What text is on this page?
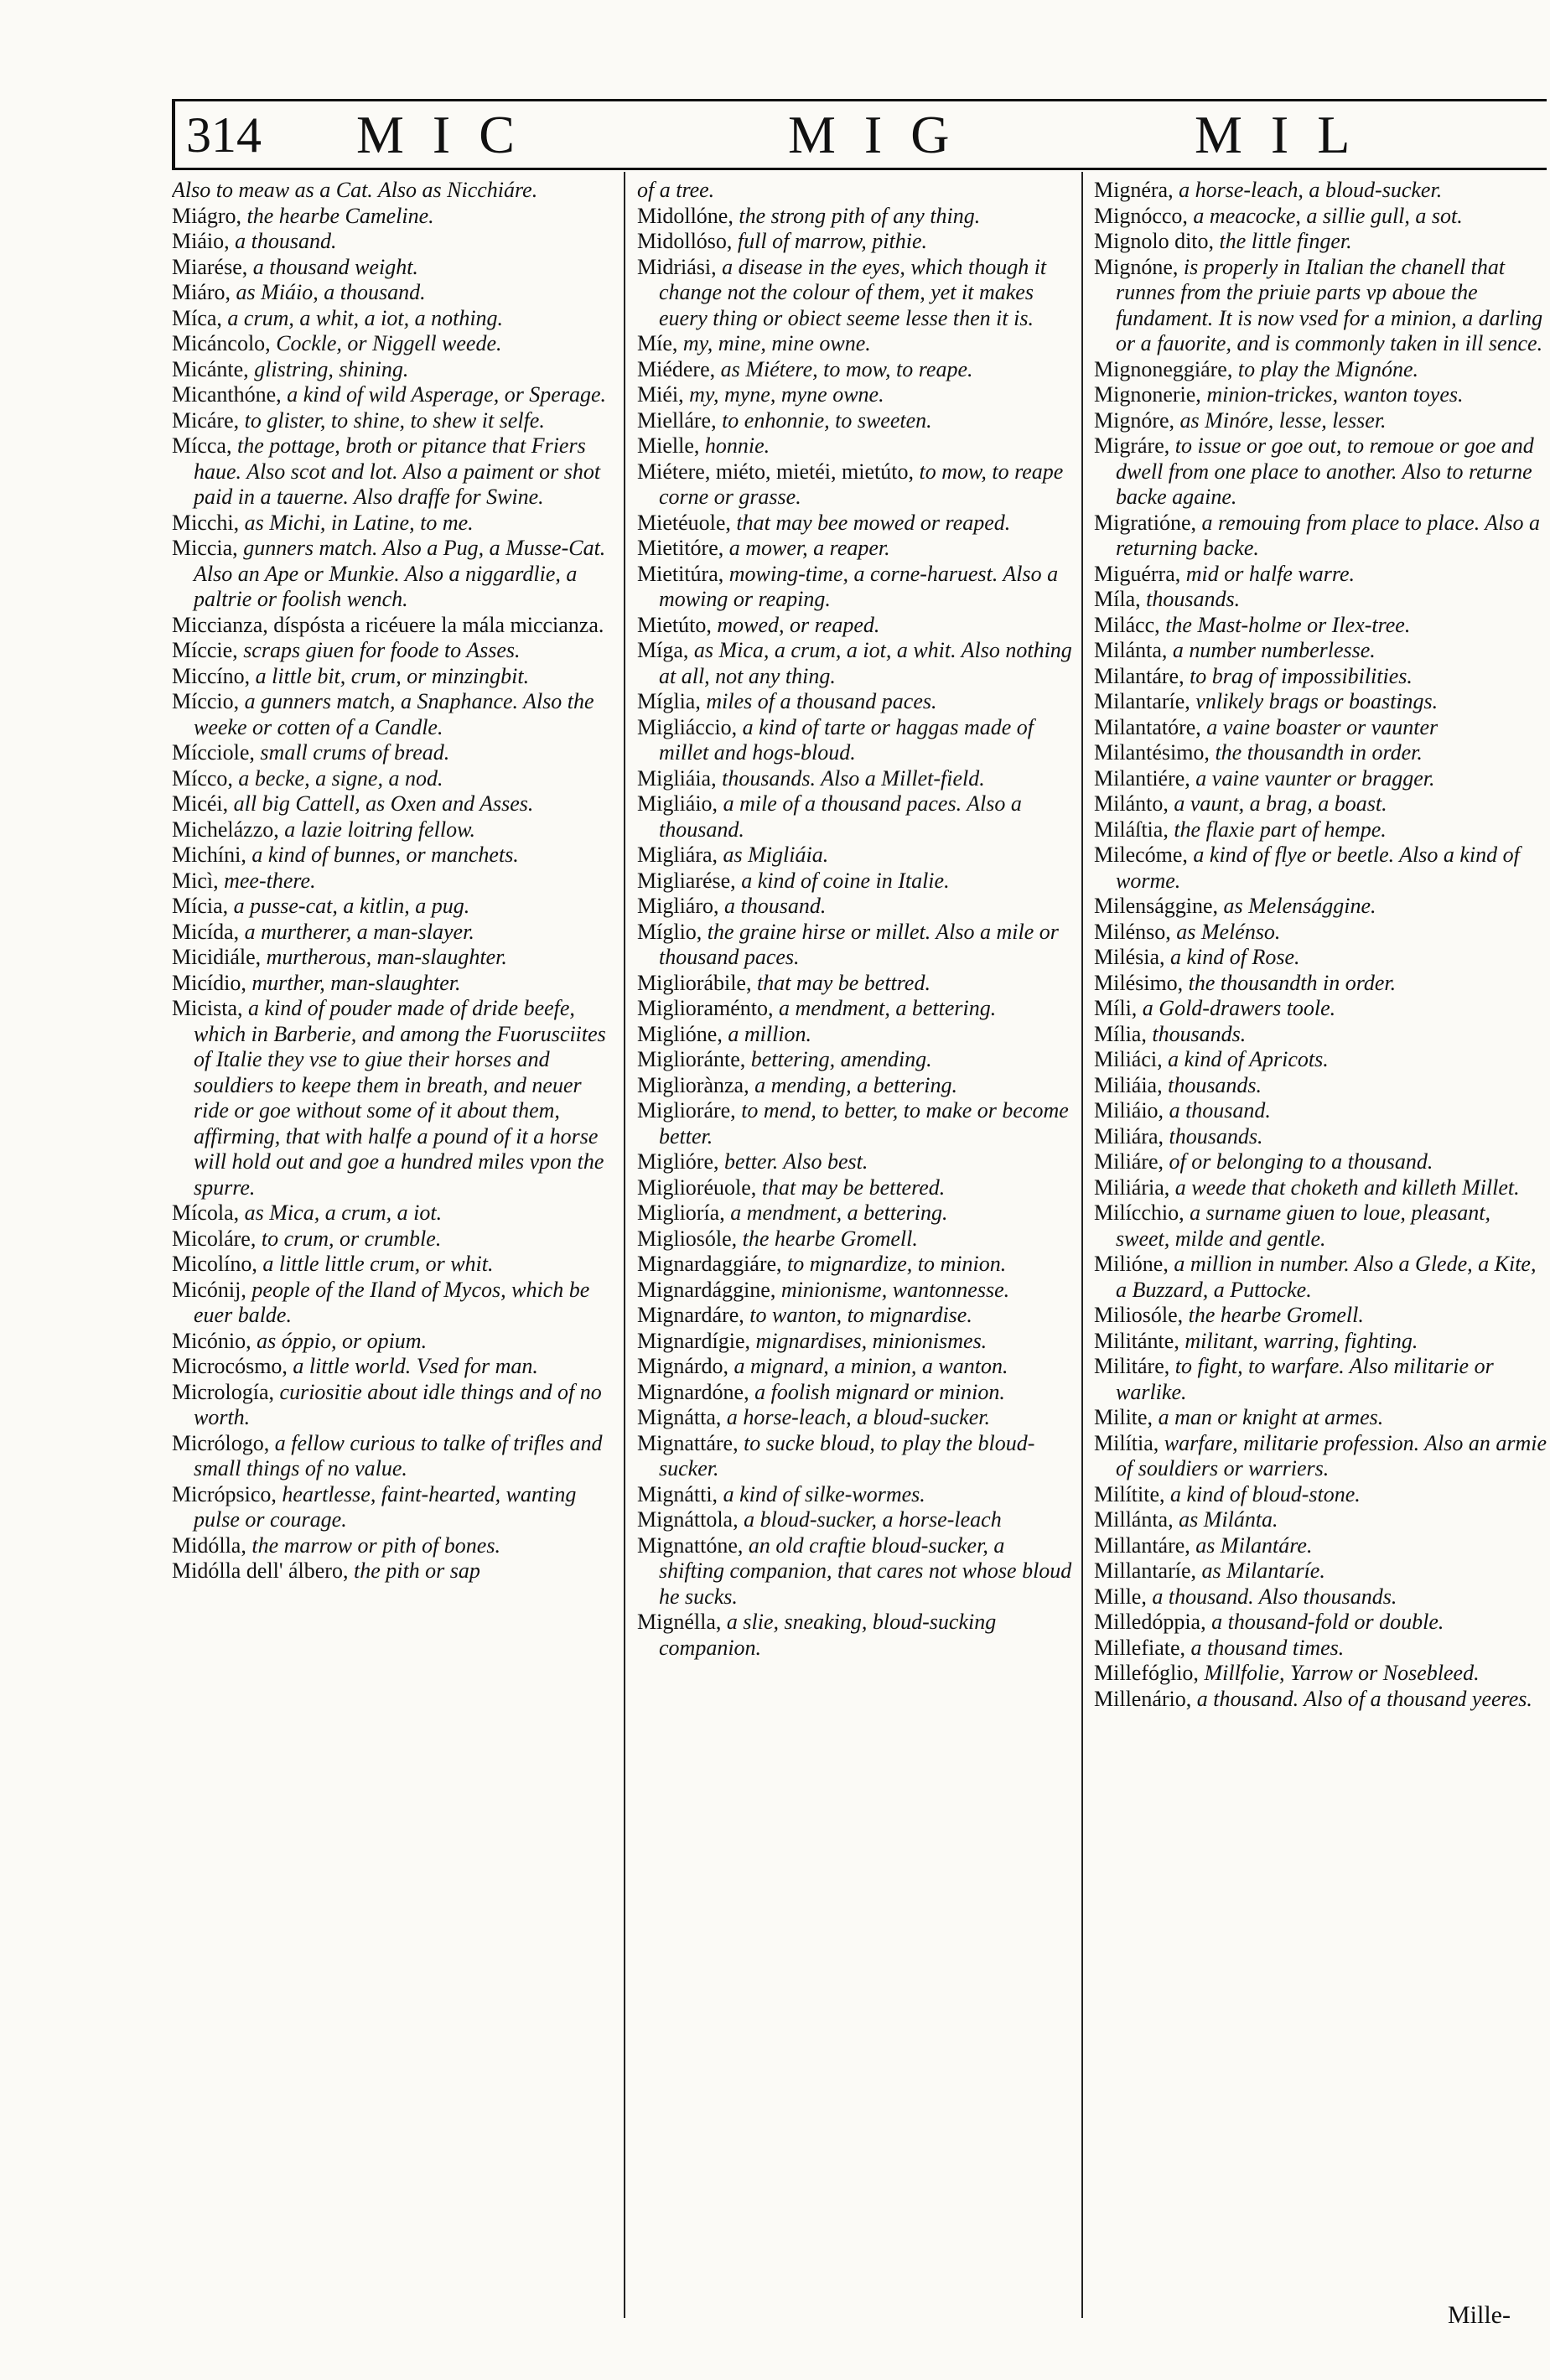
314 MIC	MIG	MIL

Also to meaw as a Cat. Also as Nicchiáre.

Miágro, the hearbe Cameline.

Miáio, a thousand.

Miarése, a thousand weight.

Miáro, as Miáio, a thousand.

Míca, a crum, a whit, a iot, a nothing.

Micáncolo, Cockle, or Niggell weede.

Micánte, glistring, shining.

Micanthóne, a kind of wild Asperage, or Sperage.

Micáre, to glister, to shine, to shew it selfe.

Mícca, the pottage, broth or pitance that Friers haue. Also scot and lot. Also a paiment or shot paid in a tauerne. Also draffe for Swine.

Micchi, as Michi, in Latine, to me.

Miccia, gunners match. Also a Pug, a Musse-Cat. Also an Ape or Munkie. Also a niggardlie, a paltrie or foolish wench.

Miccianza, díspósta a ricéuere la mála miccianza.

Míccie, scraps giuen for foode to Asses.

Miccíno, a little bit, crum, or minzingbit.

Míccio, a gunners match, a Snaphance. Also the weeke or cotten of a Candle.

Mícciole, small crums of bread.

Mícco, a becke, a signe, a nod.

Micéi, all big Cattell, as Oxen and Asses.

Michelázzo, a lazie loitring fellow.

Michíni, a kind of bunnes, or manchets.

Micì, mee-there.

Mícia, a pusse-cat, a kitlin, a pug.

Micída, a murtherer, a man-slayer.

Micidiále, murtherous, man-slaughter.

Micídio, murther, man-slaughter.

Micista, a kind of pouder made of dride beefe, which in Barberie, and among the Fuorusciites of Italie they vse to giue their horses and souldiers to keepe them in breath, and neuer ride or goe without some of it about them, affirming, that with halfe a pound of it a horse will hold out and goe a hundred miles vpon the spurre.

Mícola, as Mica, a crum, a iot.

Micoláre, to crum, or crumble.

Micolíno, a little little crum, or whit.

Micónij, people of the Iland of Mycos, which be euer balde.

Micónio, as óppio, or opium.

Microcósmo, a little world. Vsed for man.

Micrología, curiositie about idle things and of no worth.

Micrólogo, a fellow curious to talke of trifles and small things of no value.

Micrópsico, heartlesse, faint-hearted, wanting pulse or courage.

Midólla, the marrow or pith of bones.

Midólla dell' álbero, the pith or sap

of a tree.

Midollóne, the strong pith of any thing.

Midollóso, full of marrow, pithie.

Midriási, a disease in the eyes, which though it change not the colour of them, yet it makes euery thing or obiect seeme lesse then it is.

Míe, my, mine, mine owne.

Miédere, as Miétere, to mow, to reape.

Miéi, my, myne, myne owne.

Mielláre, to enhonnie, to sweeten.

Mielle, honnie.

Miétere, miéto, mietéi, mietúto, to mow, to reape corne or grasse.

Mietéuole, that may bee mowed or reaped.

Mietitóre, a mower, a reaper.

Mietitúra, mowing-time, a corne-haruest. Also a mowing or reaping.

Mietúto, mowed, or reaped.

Míga, as Mica, a crum, a iot, a whit. Also nothing at all, not any thing.

Míglia, miles of a thousand paces.

Migliáccio, a kind of tarte or haggas made of millet and hogs-bloud.

Migliáia, thousands. Also a Millet-field.

Migliáio, a mile of a thousand paces. Also a thousand.

Migliára, as Migliáia.

Migliarése, a kind of coine in Italie.

Migliáro, a thousand.

Míglio, the graine hirse or millet. Also a mile or thousand paces.

Migliorábile, that may be bettred.

Miglioraménto, a mendment, a bettering.

Miglióne, a million.

Miglioránte, bettering, amending.

Migliorànza, a mending, a bettering.

Miglioráre, to mend, to better, to make or become better.

Miglióre, better. Also best.

Miglioréuole, that may be bettered.

Miglioría, a mendment, a bettering.

Migliosóle, the hearbe Gromell.

Mignardaggiáre, to mignardize, to minion.

Mignardággine, minionisme, wantonnesse.

Mignardáre, to wanton, to mignardise.

Mignardígie, mignardises, minionismes.

Mignárdo, a mignard, a minion, a wanton.

Mignardóne, a foolish mignard or minion.

Mignátta, a horse-leach, a bloud-sucker.

Mignattáre, to sucke bloud, to play the bloud-sucker.

Mignátti, a kind of silke-wormes.

Mignáttola, a bloud-sucker, a horse-leach

Mignattóne, an old craftie bloud-sucker, a shifting companion, that cares not whose bloud he sucks.

Mignélla, a slie, sneaking, bloud-sucking companion.

Mignéra, a horse-leach, a bloud-sucker.

Mignócco, a meacocke, a sillie gull, a sot.

Mignolo dito, the little finger.

Mignóne, is properly in Italian the chanell that runnes from the priuie parts vp aboue the fundament. It is now vsed for a minion, a darling or a fauorite, and is commonly taken in ill sence.

Mignoneggiáre, to play the Mignóne.

Mignonerie, minion-trickes, wanton toyes.

Mignóre, as Minóre, lesse, lesser.

Migráre, to issue or goe out, to remoue or goe and dwell from one place to another. Also to returne backe againe.

Migratióne, a remouing from place to place. Also a returning backe.

Miguérra, mid or halfe warre.

Míla, thousands.

Milácc, the Mast-holme or Ilex-tree.

Milánta, a number numberlesse.

Milantáre, to brag of impossibilities.

Milantaríe, vnlikely brags or boastings.

Milantatóre, a vaine boaster or vaunter

Milantésimo, the thousandth in order.

Milantiére, a vaine vaunter or bragger.

Milánto, a vaunt, a brag, a boast.

Miláſtia, the flaxie part of hempe.

Milecóme, a kind of flye or beetle. Also a kind of worme.

Milensággine, as Melensággine.

Milénso, as Melénso.

Milésia, a kind of Rose.

Milésimo, the thousandth in order.

Míli, a Gold-drawers toole.

Mília, thousands.

Miliáci, a kind of Apricots.

Miliáia, thousands.

Miliáio, a thousand.

Miliára, thousands.

Miliáre, of or belonging to a thousand.

Miliária, a weede that choketh and killeth Millet.

Milícchio, a surname giuen to loue, pleasant, sweet, milde and gentle.

Milióne, a million in number. Also a Glede, a Kite, a Buzzard, a Puttocke.

Miliosóle, the hearbe Gromell.

Militánte, militant, warring, fighting.

Militáre, to fight, to warfare. Also militarie or warlike.

Milite, a man or knight at armes.

Milítia, warfare, militarie profession. Also an armie of souldiers or warriers.

Milítite, a kind of bloud-stone.

Millánta, as Milánta.

Millantáre, as Milantáre.

Millantaríe, as Milantaríe.

Mille, a thousand. Also thousands.

Milledóppia, a thousand-fold or double.

Millefiate, a thousand times.

Millefóglio, Millfolie, Yarrow or Nosebleed.

Millenário, a thousand. Also of a thousand yeeres.

Mille-
